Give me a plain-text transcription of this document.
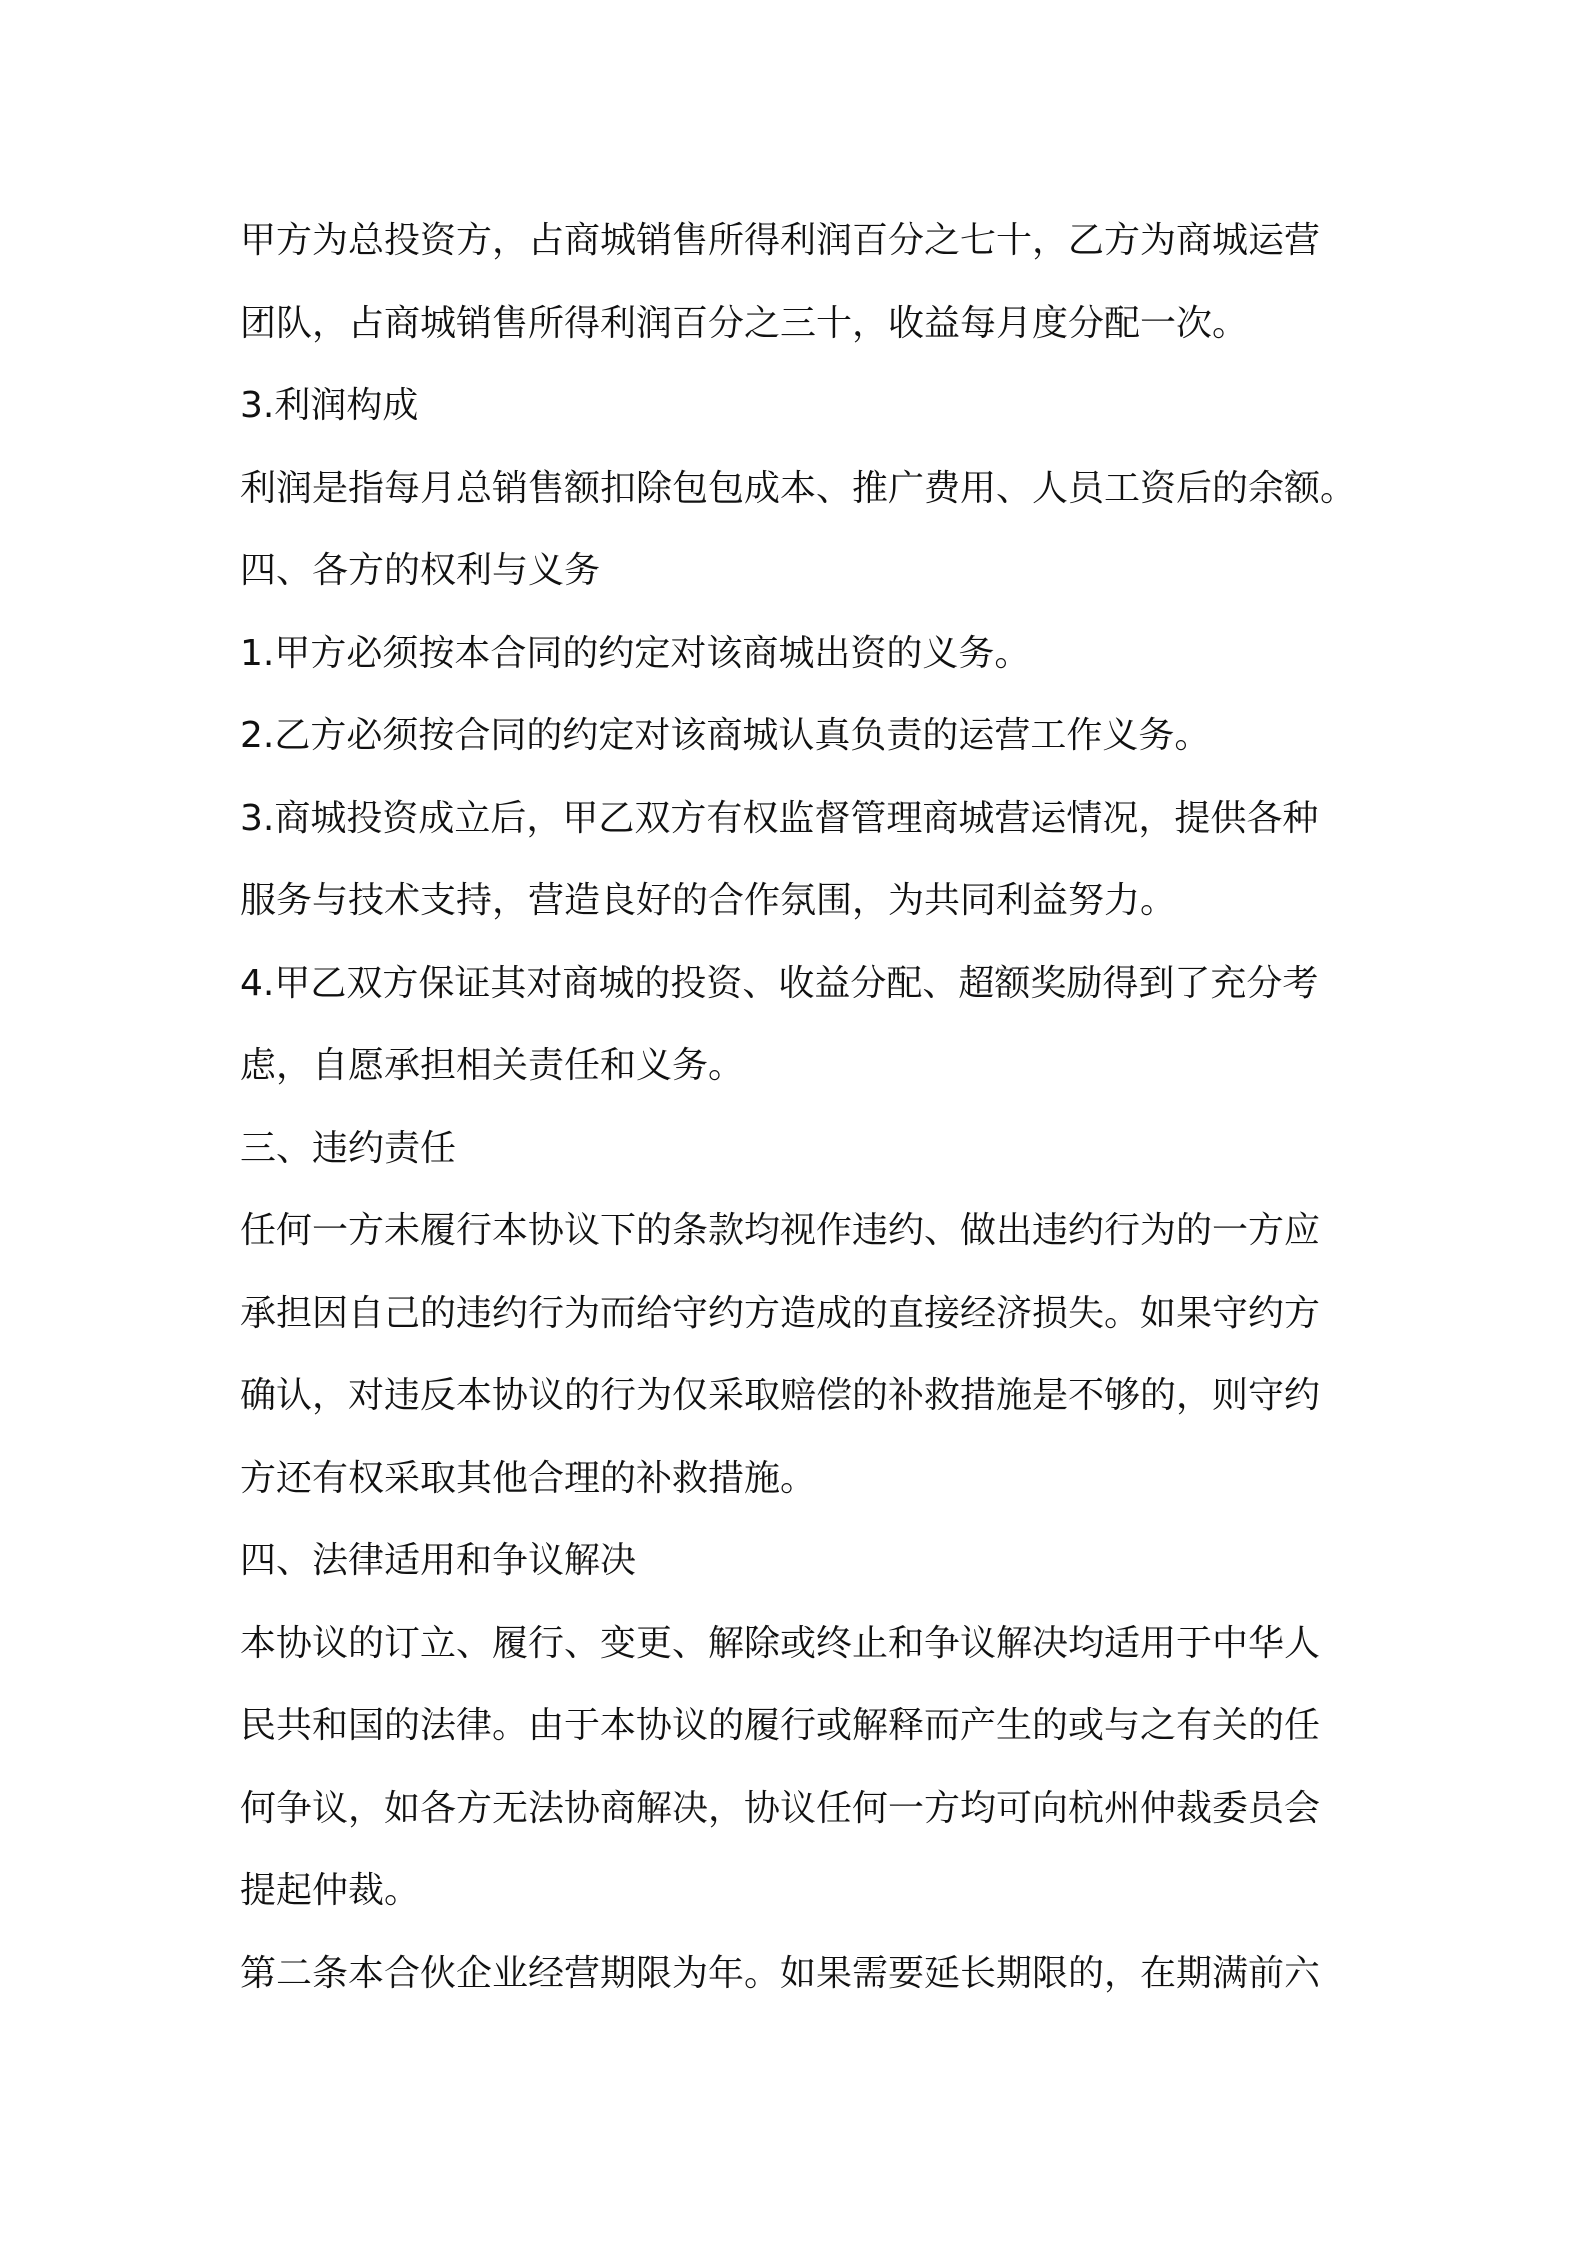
甲方为总投资方，占商城销售所得利润百分之七十，乙方为商城运营
团队，占商城销售所得利润百分之三十，收益每月度分配一次。
3.利润构成
利润是指每月总销售额扣除包包成本、推广费用、人员工资后的余额。
四、各方的权利与义务
1.甲方必须按本合同的约定对该商城出资的义务。
2.乙方必须按合同的约定对该商城认真负责的运营工作义务。
3.商城投资成立后，甲乙双方有权监督管理商城营运情况，提供各种
服务与技术支持，营造良好的合作氛围，为共同利益努力。
4.甲乙双方保证其对商城的投资、收益分配、超额奖励得到了充分考
虑，自愿承担相关责任和义务。
三、违约责任
任何一方未履行本协议下的条款均视作违约、做出违约行为的一方应
承担因自己的违约行为而给守约方造成的直接经济损失。如果守约方
确认，对违反本协议的行为仅采取赔偿的补救措施是不够的，则守约
方还有权采取其他合理的补救措施。
四、法律适用和争议解决
本协议的订立、履行、变更、解除或终止和争议解决均适用于中华人
民共和国的法律。由于本协议的履行或解释而产生的或与之有关的任
何争议，如各方无法协商解决，协议任何一方均可向杭州仲裁委员会
提起仲裁。
第二条本合伙企业经营期限为年。如果需要延长期限的，在期满前六
